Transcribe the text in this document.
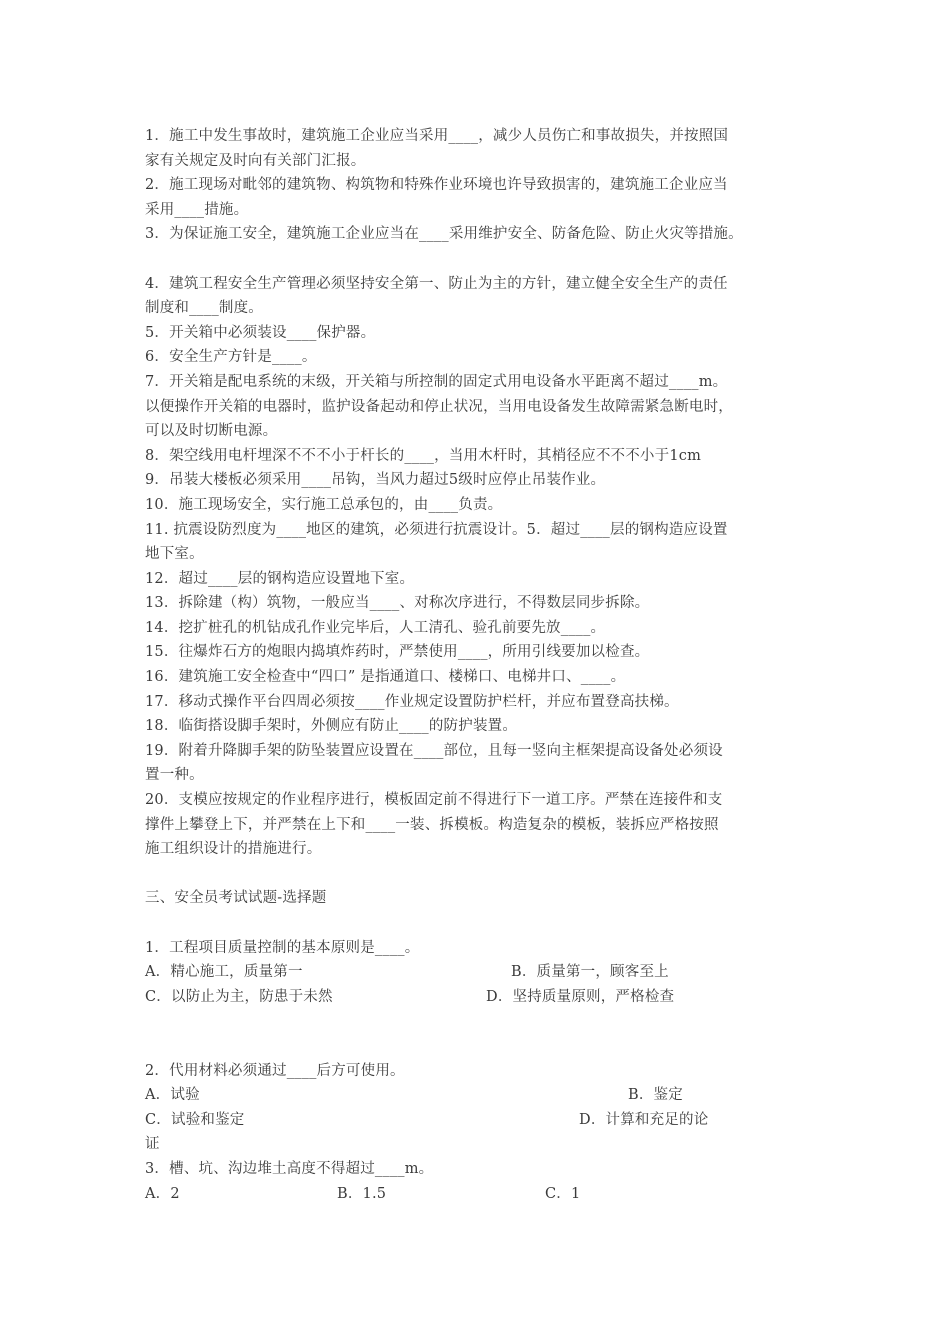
1．施工中发生事故时，建筑施工企业应当采用____，减少人员伤亡和事故损失，并按照国
家有关规定及时向有关部门汇报。
2．施工现场对毗邻的建筑物、构筑物和特殊作业环境也许导致损害的，建筑施工企业应当
采用____措施。
3．为保证施工安全，建筑施工企业应当在____采用维护安全、防备危险、防止火灾等措施。
4．建筑工程安全生产管理必须坚持安全第一、防止为主的方针，建立健全安全生产的责任
制度和____制度。
5．开关箱中必须装设____保护器。
6．安全生产方针是____。
7．开关箱是配电系统的末级，开关箱与所控制的固定式用电设备水平距离不超过____m。
以便操作开关箱的电器时，监护设备起动和停止状况，当用电设备发生故障需紧急断电时，
可以及时切断电源。
8．架空线用电杆埋深不不不小于杆长的____，当用木杆时，其梢径应不不不小于1cm
9．吊装大楼板必须采用____吊钩，当风力超过5级时应停止吊装作业。
10．施工现场安全，实行施工总承包的，由____负责。
11. 抗震设防烈度为____地区的建筑，必须进行抗震设计。5．超过____层的钢构造应设置
地下室。
12．超过____层的钢构造应设置地下室。
13．拆除建（构）筑物，一般应当____、对称次序进行，不得数层同步拆除。
14．挖扩桩孔的机钻成孔作业完毕后，人工清孔、验孔前要先放____。
15．往爆炸石方的炮眼内捣填炸药时，严禁使用____，所用引线要加以检查。
16．建筑施工安全检查中“四口” 是指通道口、楼梯口、电梯井口、____。
17．移动式操作平台四周必须按____作业规定设置防护栏杆，并应布置登高扶梯。
18．临街搭设脚手架时，外侧应有防止____的防护装置。
19．附着升降脚手架的防坠装置应设置在____部位，且每一竖向主框架提高设备处必须设
置一种。
20．支模应按规定的作业程序进行，模板固定前不得进行下一道工序。严禁在连接件和支
撑件上攀登上下，并严禁在上下和____一装、拆模板。构造复杂的模板，装拆应严格按照
施工组织设计的措施进行。
三、安全员考试试题-选择题
1．工程项目质量控制的基本原则是____。

A．精心施工，质量第一

	B．质量第一，顾客至上

C．以防止为主，防患于未然

	D．坚持质量原则，严格检查

2．代用材料必须通过____后方可使用。

A．试验

	B．鉴定

C．试验和鉴定

	D．计算和充足的论

证
3．槽、坑、沟边堆土高度不得超过____m。

A．2

	B．1.5

	C．1
